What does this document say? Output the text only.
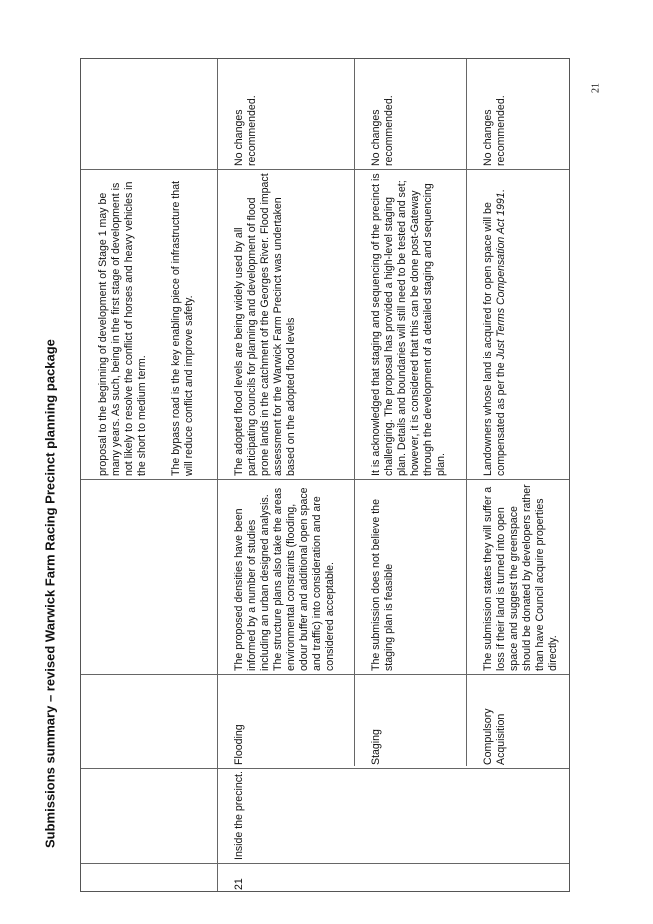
21
Submissions summary – revised Warwick Farm Racing Precinct planning package

proposal to the beginning of development of Stage 1 may be many years. As such, being in the first stage of development is not likely to resolve the conflict of horses and heavy vehicles in the short to medium term. The bypass road is the key enabling piece of infrastructure that will reduce conflict and improve safety.

21

Inside the precinct.

Flooding

The proposed densities have been informed by a number of studies including an urban designed analysis. The structure plans also take the areas environmental constraints (flooding, odour buffer and additional open space and traffic) into consideration and are considered acceptable.

The adopted flood levels are being widely used by all participating councils for planning and development of flood prone lands in the catchment of the Georges River. Flood impact assessment for the Warwick Farm Precinct was undertaken based on the adopted flood levels

No changes recommended.

Staging

The submission does not believe the staging plan is feasible

It is acknowledged that staging and sequencing of the precinct is challenging. The proposal has provided a high-level staging plan. Details and boundaries will still need to be tested and set; however, it is considered that this can be done post-Gateway through the development of a detailed staging and sequencing plan.

No changes recommended.

Compulsory Acquisition

The submission states they will suffer a loss if their land is turned into open space and suggest the greenspace should be donated by developers rather than have Council acquire properties directly.

Landowners whose land is acquired for open space will be compensated as per the Just Terms Compensation Act 1991.

No changes recommended.
